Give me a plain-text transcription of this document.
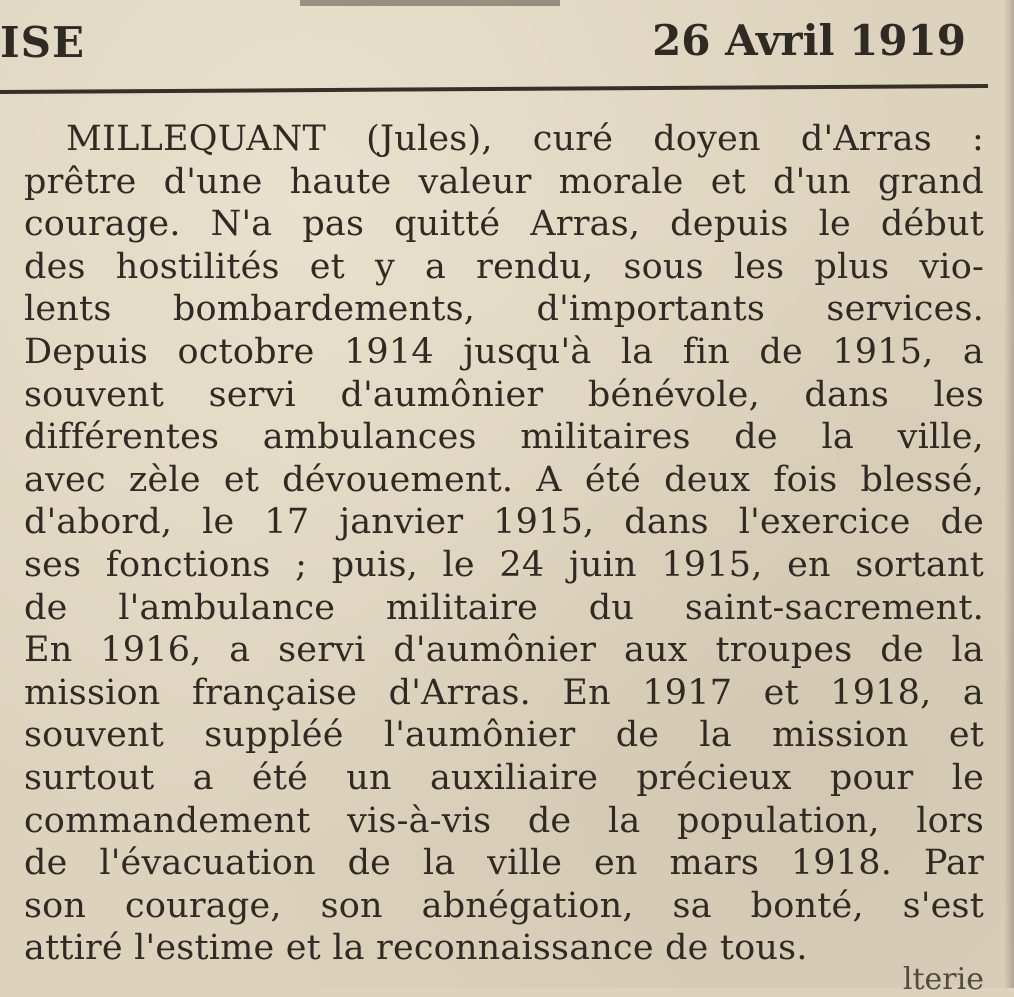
ISE	26 Avril 1919
MILLEQUANT (Jules), curé doyen d'Arras :
prêtre d'une haute valeur morale et d'un grand
courage. N'a pas quitté Arras, depuis le début
des hostilités et y a rendu, sous les plus vio-
lents bombardements, d'importants services.
Depuis octobre 1914 jusqu'à la fin de 1915, a
souvent servi d'aumônier bénévole, dans les
différentes ambulances militaires de la ville,
avec zèle et dévouement. A été deux fois blessé,
d'abord, le 17 janvier 1915, dans l'exercice de
ses fonctions ; puis, le 24 juin 1915, en sortant
de l'ambulance militaire du saint-sacrement.
En 1916, a servi d'aumônier aux troupes de la
mission française d'Arras. En 1917 et 1918, a
souvent suppléé l'aumônier de la mission et
surtout a été un auxiliaire précieux pour le
commandement vis-à-vis de la population, lors
de l'évacuation de la ville en mars 1918. Par
son courage, son abnégation, sa bonté, s'est
attiré l'estime et la reconnaissance de tous.
lterie
